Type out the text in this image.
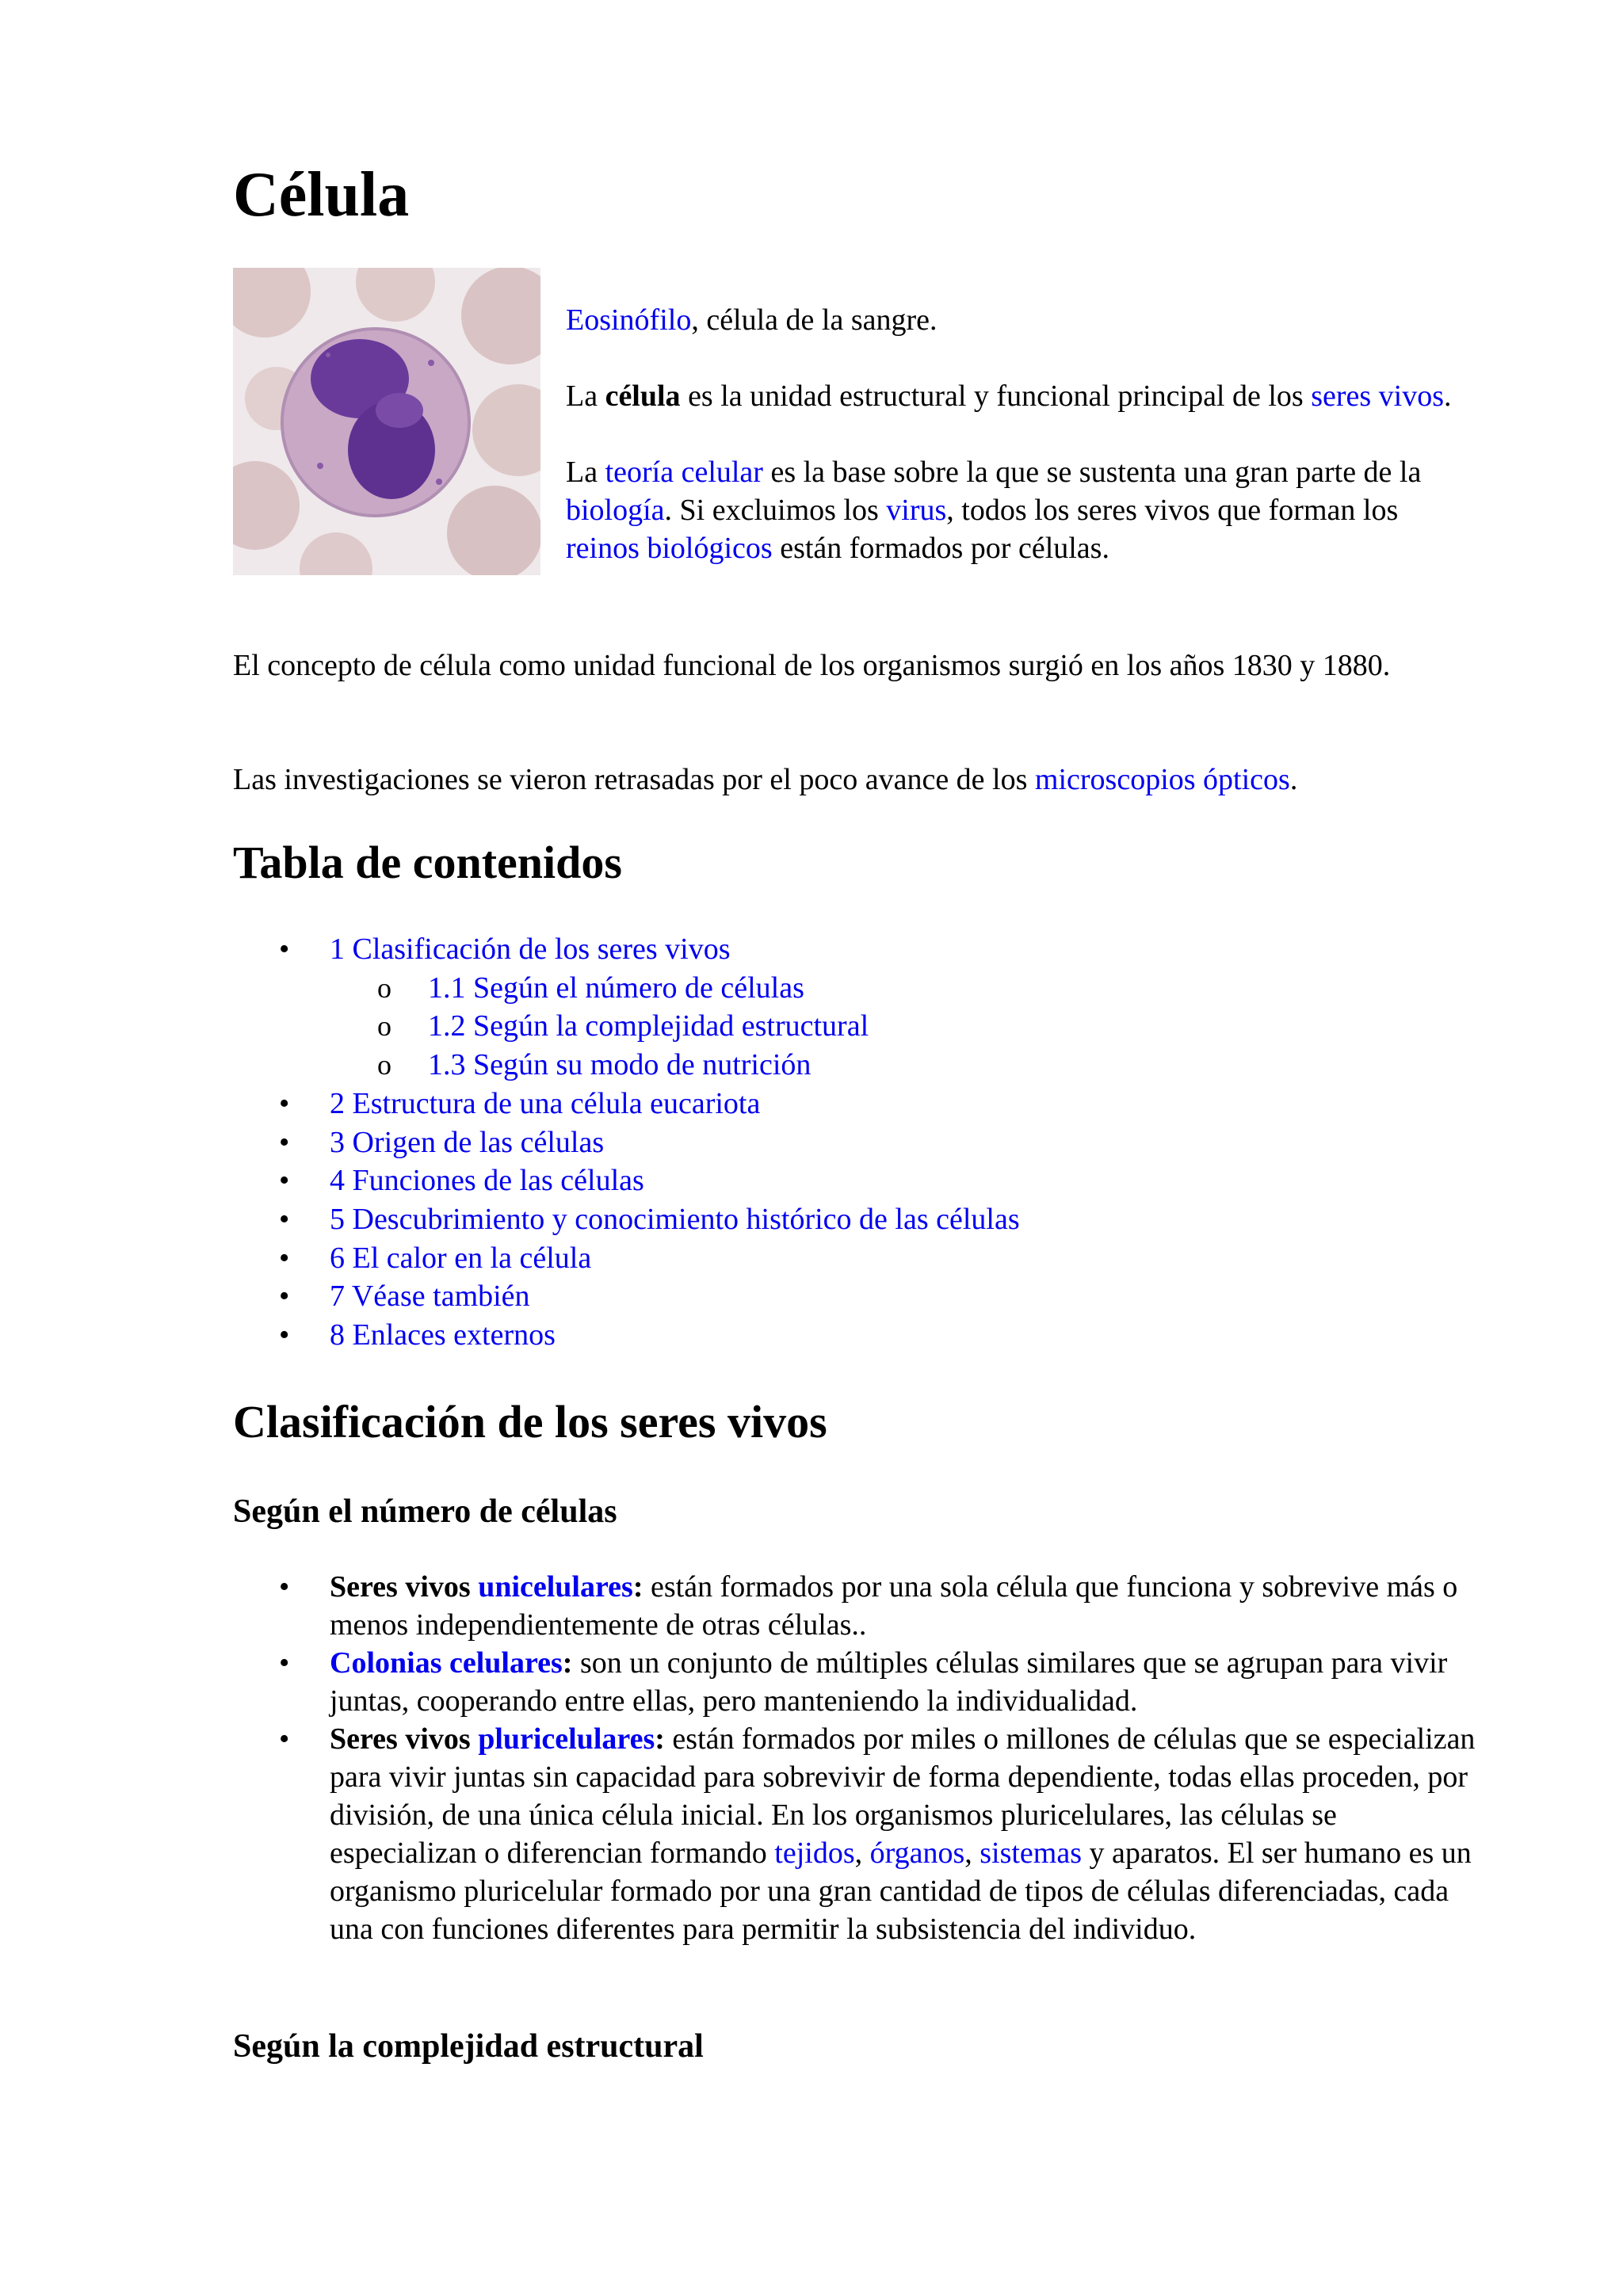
Célula

Eosinófilo, célula de la sangre.

La célula es la unidad estructural y funcional principal de los seres vivos.

La teoría celular es la base sobre la que se sustenta una gran parte de la biología. Si excluimos los virus, todos los seres vivos que forman los reinos biológicos están formados por células.

El concepto de célula como unidad funcional de los organismos surgió en los años 1830 y 1880.

Las investigaciones se vieron retrasadas por el poco avance de los microscopios ópticos.

Tabla de contenidos
• 1 Clasificación de los seres vivos
o 1.1 Según el número de células
o 1.2 Según la complejidad estructural
o 1.3 Según su modo de nutrición
• 2 Estructura de una célula eucariota
• 3 Origen de las células
• 4 Funciones de las células
• 5 Descubrimiento y conocimiento histórico de las células
• 6 El calor en la célula
• 7 Véase también
• 8 Enlaces externos
Clasificación de los seres vivos
Según el número de células
• Seres vivos unicelulares: están formados por una sola célula que funciona y sobrevive más o menos independientemente de otras células..
• Colonias celulares: son un conjunto de múltiples células similares que se agrupan para vivir juntas, cooperando entre ellas, pero manteniendo la individualidad.
• Seres vivos pluricelulares: están formados por miles o millones de células que se especializan para vivir juntas sin capacidad para sobrevivir de forma dependiente, todas ellas proceden, por división, de una única célula inicial. En los organismos pluricelulares, las células se especializan o diferencian formando tejidos, órganos, sistemas y aparatos. El ser humano es un organismo pluricelular formado por una gran cantidad de tipos de células diferenciadas, cada una con funciones diferentes para permitir la subsistencia del individuo.
Según la complejidad estructural
